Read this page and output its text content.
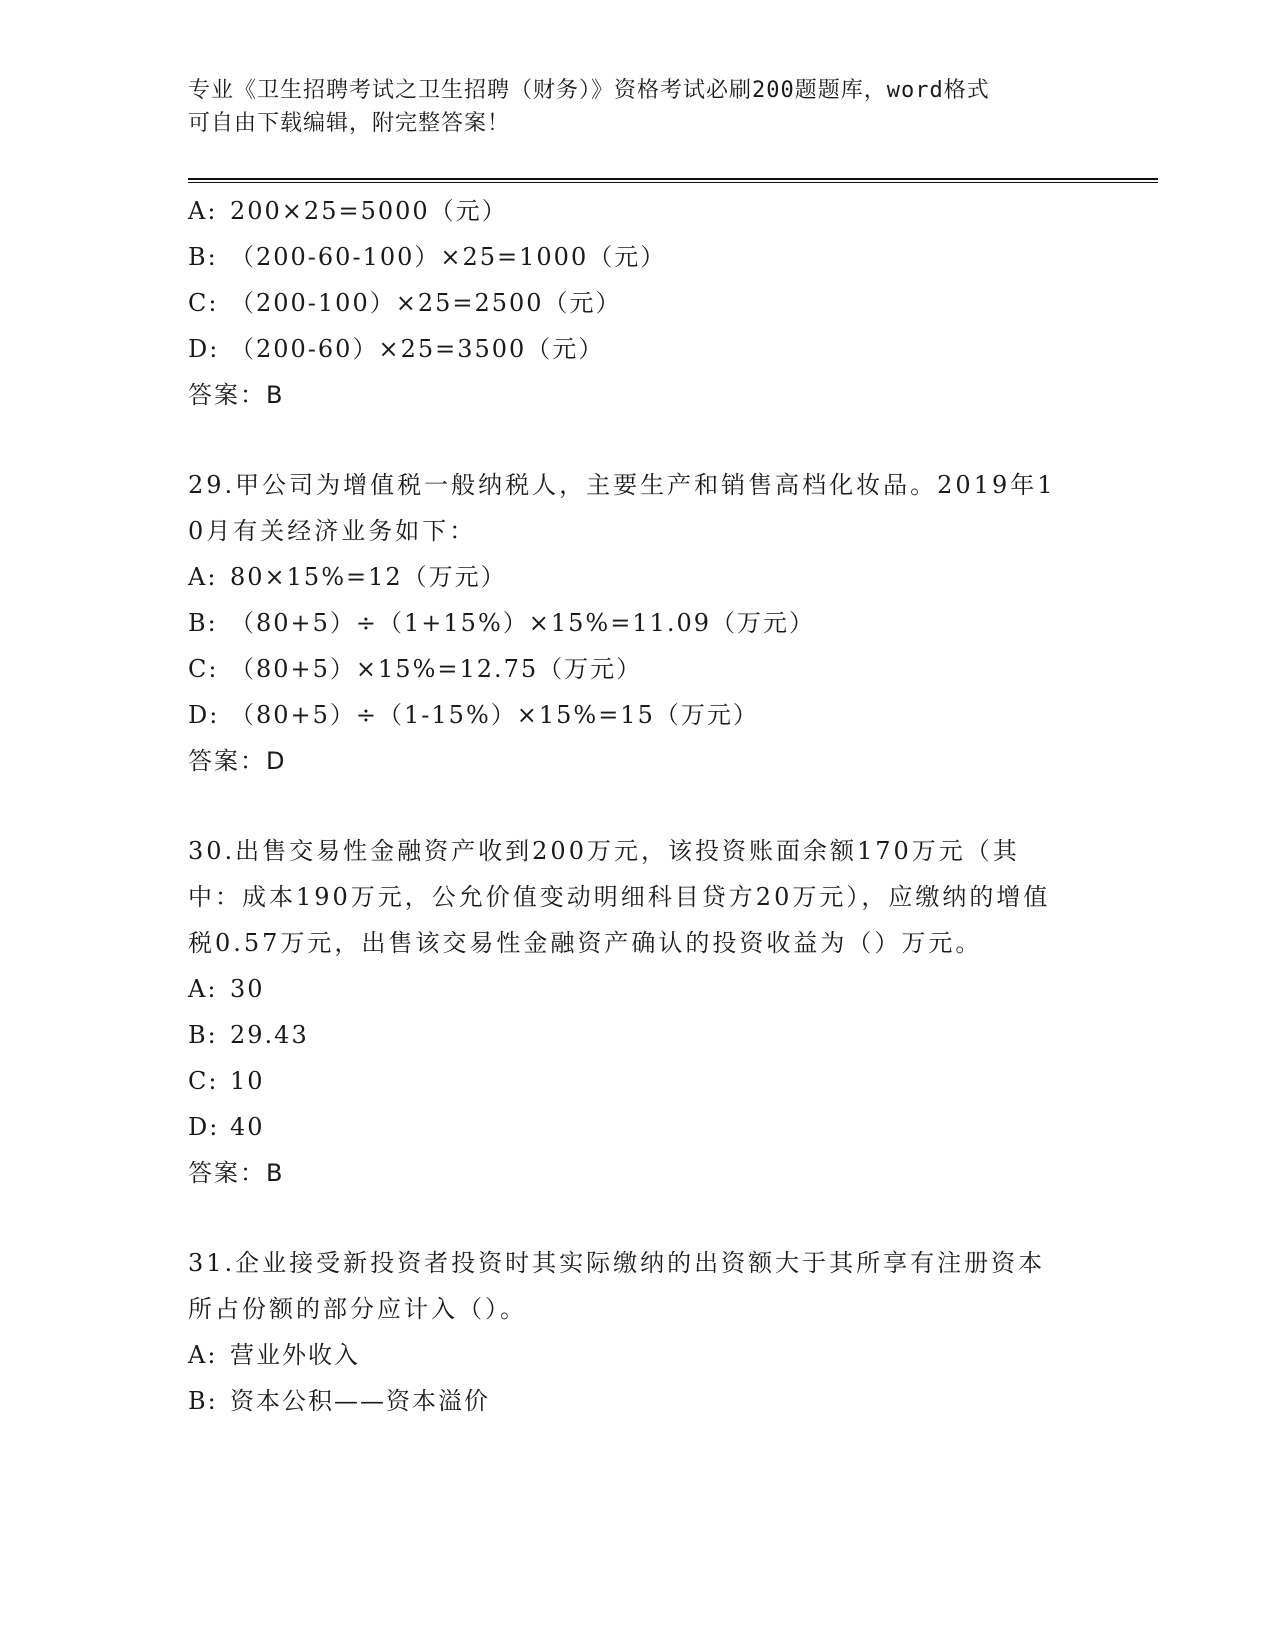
专业《卫生招聘考试之卫生招聘（财务）》资格考试必刷200题题库，word格式
可自由下载编辑，附完整答案！
A: 200×25=5000（元）
B: （200-60-100）×25=1000（元）
C: （200-100）×25=2500（元）
D: （200-60）×25=3500（元）
答案：B
29.甲公司为增值税一般纳税人，主要生产和销售高档化妆品。2019年10月有关经济业务如下：
A: 80×15%=12（万元）
B: （80+5）÷（1+15%）×15%=11.09（万元）
C: （80+5）×15%=12.75（万元）
D: （80+5）÷（1-15%）×15%=15（万元）
答案：D
30.出售交易性金融资产收到200万元，该投资账面余额170万元（其中：成本190万元，公允价值变动明细科目贷方20万元），应缴纳的增值税0.57万元，出售该交易性金融资产确认的投资收益为（）万元。
A: 30
B: 29.43
C: 10
D: 40
答案：B
31.企业接受新投资者投资时其实际缴纳的出资额大于其所享有注册资本所占份额的部分应计入（）。
A: 营业外收入
B: 资本公积——资本溢价
